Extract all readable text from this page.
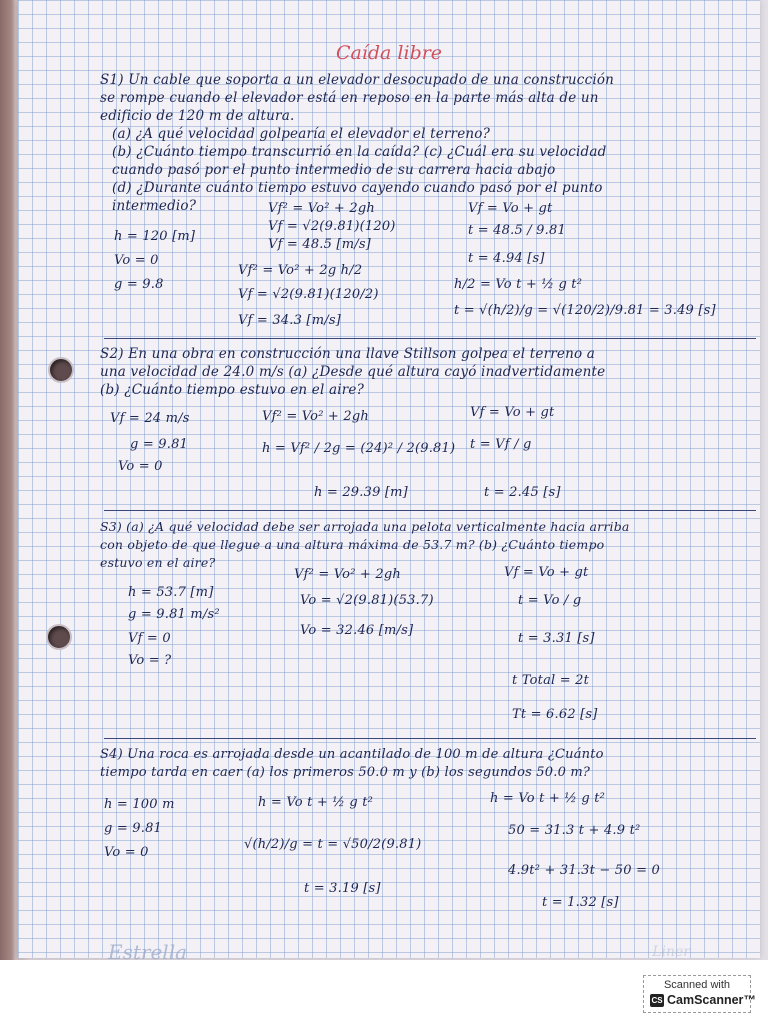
Caída libre
S1) Un cable que soporta a un elevador desocupado de una construcción
se rompe cuando el elevador está en reposo en la parte más alta de un
edificio de 120 m de altura.
(a) ¿A qué velocidad golpearía el elevador el terreno?
(b) ¿Cuánto tiempo transcurrió en la caída? (c) ¿Cuál era su velocidad
cuando pasó por el punto intermedio de su carrera hacia abajo
(d) ¿Durante cuánto tiempo estuvo cayendo cuando pasó por el punto
intermedio?
h = 120 [m]
Vo = 0
g = 9.8
Vf² = Vo² + 2gh
Vf = √2(9.81)(120)
Vf = 48.5 [m/s]
Vf = Vo + gt
t = 48.5 / 9.81
t = 4.94 [s]
Vf² = Vo² + 2g h/2
Vf = √2(9.81)(120/2)
Vf = 34.3 [m/s]
h/2 = Vo t + ½ g t²
t = √(h/2)/g = √(120/2)/9.81 = 3.49 [s]
S2) En una obra en construcción una llave Stillson golpea el terreno a
una velocidad de 24.0 m/s (a) ¿Desde qué altura cayó inadvertidamente
(b) ¿Cuánto tiempo estuvo en el aire?
Vf = 24 m/s
g = 9.81
Vo = 0
Vf² = Vo² + 2gh
h = Vf² / 2g = (24)² / 2(9.81)
h = 29.39 [m]
Vf = Vo + gt
t = Vf / g
t = 2.45 [s]
S3) (a) ¿A qué velocidad debe ser arrojada una pelota verticalmente hacia arriba
con objeto de que llegue a una altura máxima de 53.7 m? (b) ¿Cuánto tiempo
estuvo en el aire?
h = 53.7 [m]
g = 9.81 m/s²
Vf = 0
Vo = ?
Vf² = Vo² + 2gh
Vo = √2(9.81)(53.7)
Vo = 32.46 [m/s]
Vf = Vo + gt
t = Vo / g
t = 3.31 [s]
t Total = 2t
Tt = 6.62 [s]
S4) Una roca es arrojada desde un acantilado de 100 m de altura ¿Cuánto
tiempo tarda en caer (a) los primeros 50.0 m y (b) los segundos 50.0 m?
h = 100 m
g = 9.81
Vo = 0
h = Vo t + ½ g t²
√(h/2)/g = t = √50/2(9.81)
t = 3.19 [s]
h = Vo t + ½ g t²
50 = 31.3 t + 4.9 t²
4.9t² + 31.3t − 50 = 0
t = 1.32 [s]
Estrella	Liner
Scanned with
CS CamScanner™
